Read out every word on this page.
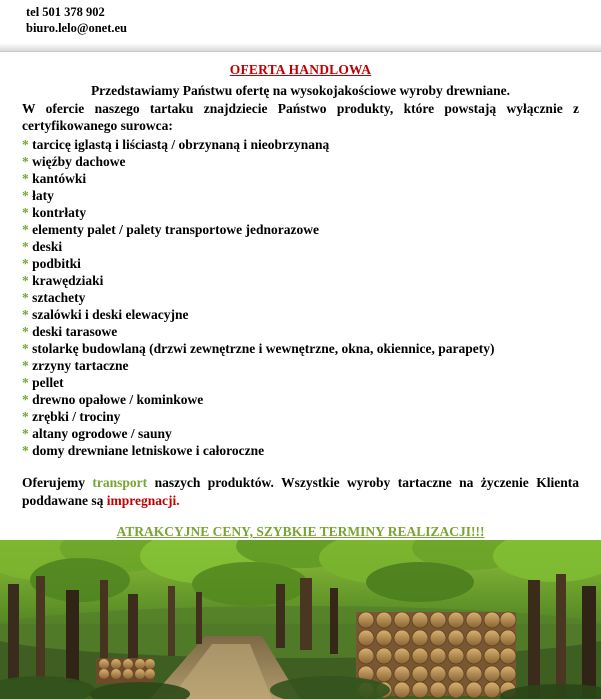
tel 501 378 902
biuro.lelo@onet.eu
OFERTA HANDLOWA
Przedstawiamy Państwu ofertę na wysokojakościowe wyroby drewniane.
W ofercie naszego tartaku znajdziecie Państwo produkty, które powstają wyłącznie z certyfikowanego surowca:
* tarcicę iglastą i liściastą / obrzynaną i nieobrzynaną
* więźby dachowe
* kantówki
* łaty
* kontrłaty
* elementy palet / palety transportowe jednorazowe
* deski
* podbitki
* krawędziaki
* sztachety
* szalówki i deski elewacyjne
* deski tarasowe
* stolarkę budowlaną (drzwi zewnętrzne i wewnętrzne, okna, okiennice, parapety)
* zrzyny tartaczne
* pellet
* drewno opałowe / kominkowe
* zrębki / trociny
* altany ogrodowe / sauny
* domy drewniane letniskowe i całoroczne
Oferujemy transport naszych produktów. Wszystkie wyroby tartaczne na życzenie Klienta poddawane są impregnacji.
ATRAKCYJNE CENY, SZYBKIE TERMINY REALIZACJI!!!
